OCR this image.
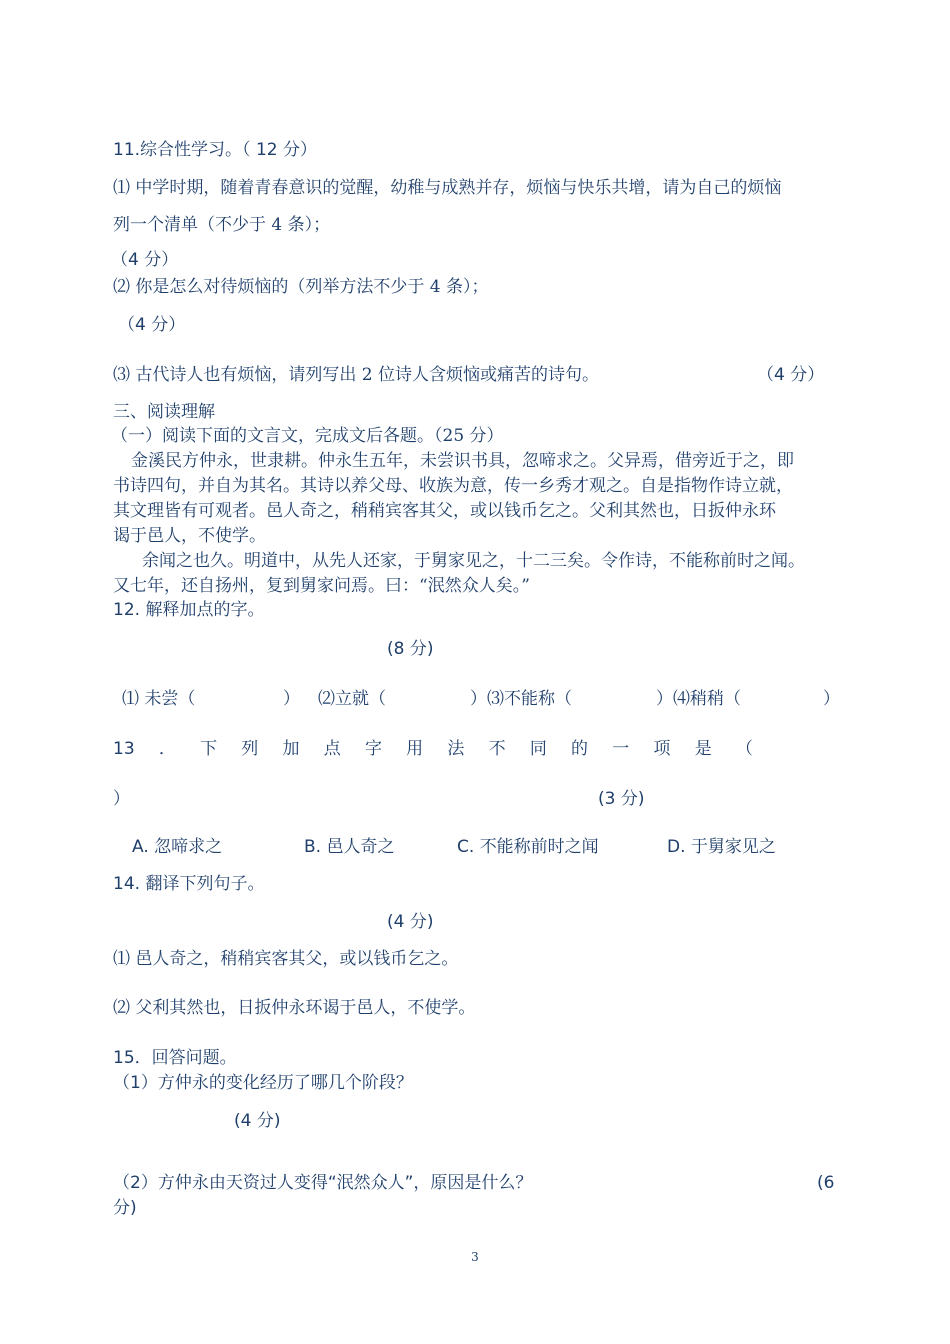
11.综合性学习。（ 12 分）

⑴ 中学时期，随着青春意识的觉醒，幼稚与成熟并存，烦恼与快乐共增，请为自己的烦恼

列一个清单（不少于 4 条）；

（4 分）

⑵ 你是怎么对待烦恼的（列举方法不少于 4 条）；

（4 分）

⑶ 古代诗人也有烦恼，请列写出 2 位诗人含烦恼或痛苦的诗句。	（4 分）

三、阅读理解

（一）阅读下面的文言文，完成文后各题。（25 分）

金溪民方仲永，世隶耕。仲永生五年，未尝识书具，忽啼求之。父异焉，借旁近于之，即

书诗四句，并自为其名。其诗以养父母、收族为意，传一乡秀才观之。自是指物作诗立就，

其文理皆有可观者。邑人奇之，稍稍宾客其父，或以钱币乞之。父利其然也，日扳仲永环

谒于邑人，不使学。

余闻之也久。明道中，从先人还家，于舅家见之，十二三矣。令作诗，不能称前时之闻。

又七年，还自扬州，复到舅家问焉。曰：“泯然众人矣。”

12. 解释加点的字。

(8 分)

⑴ 未尝（	） ⑵立就（	）⑶不能称（	）⑷稍稍（	）

13 ． 下 列 加 点 字 用 法 不 同 的 一 项 是 （

）	(3 分)

A. 忽啼求之	B. 邑人奇之	C. 不能称前时之闻	D. 于舅家见之

14. 翻译下列句子。

(4 分)

⑴ 邑人奇之，稍稍宾客其父，或以钱币乞之。

⑵ 父利其然也，日扳仲永环谒于邑人，不使学。

15．回答问题。

（1）方仲永的变化经历了哪几个阶段？

(4 分)

（2）方仲永由天资过人变得“泯然众人”，原因是什么？	(6

分)

3
